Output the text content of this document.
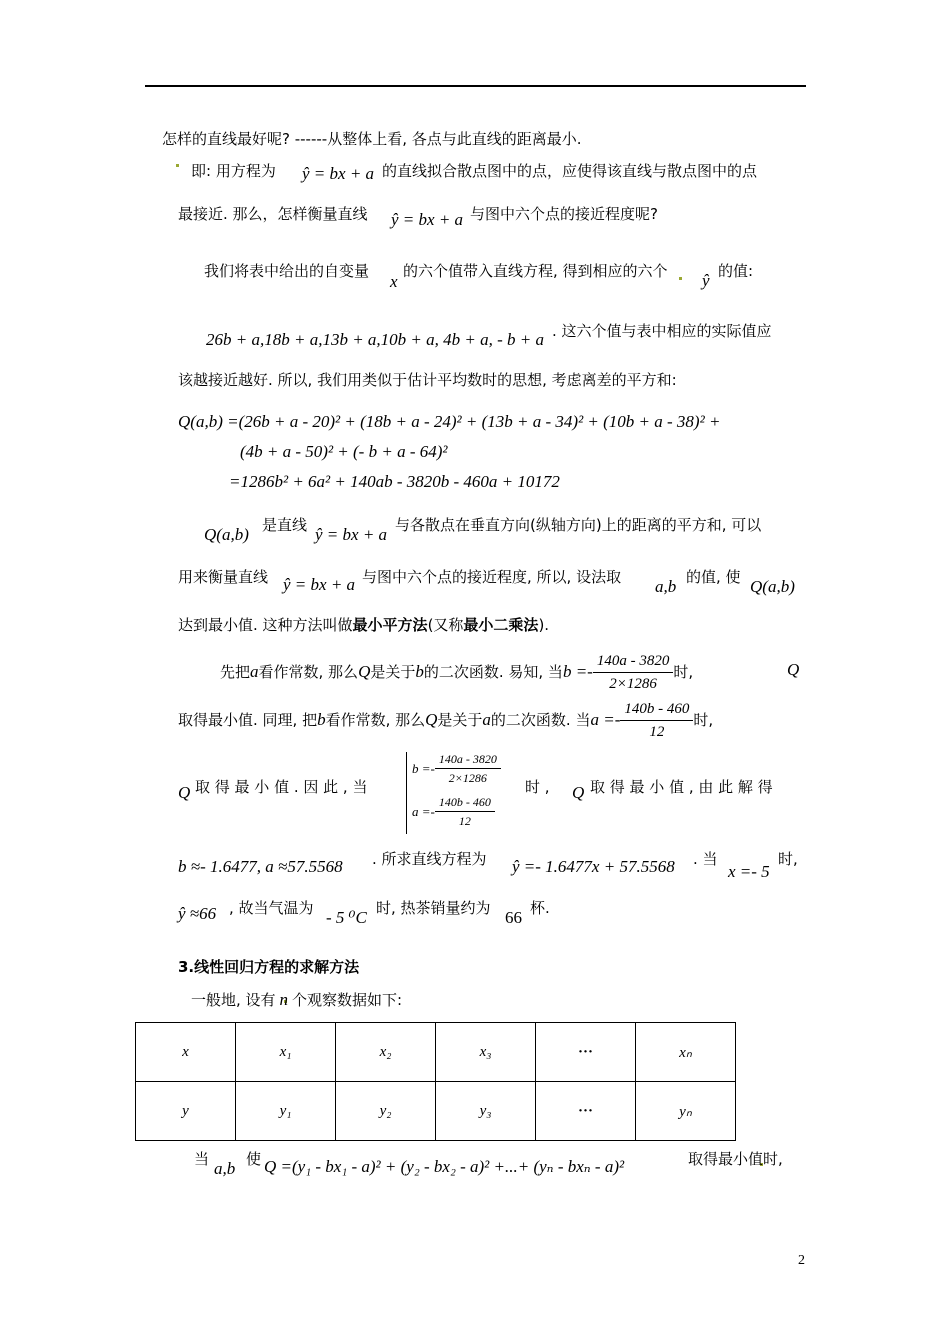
怎样的直线最好呢? ------从整体上看, 各点与此直线的距离最小.
即: 用方程为 ŷ = bx + a 的直线拟合散点图中的点，应使得该直线与散点图中的点
最接近. 那么，怎样衡量直线 ŷ = bx + a 与图中六个点的接近程度呢?
我们将表中给出的自变量
x
的六个值带入直线方程, 得到相应的六个 ŷ 的值:
26b + a,18b + a,13b + a,10b + a, 4b + a, - b + a . 这六个值与表中相应的实际值应
该越接近越好. 所以, 我们用类似于估计平均数时的思想, 考虑离差的平方和:
Q(a,b) =(26b + a - 20)² + (18b + a - 24)² + (13b + a - 34)² + (10b + a - 38)² +
(4b + a - 50)² + (- b + a - 64)²
=1286b² + 6a² + 140ab - 3820b - 460a + 10172
Q(a,b) 是直线 ŷ = bx + a 与各散点在垂直方向(纵轴方向)上的距离的平方和, 可以
用来衡量直线 ŷ = bx + a 与图中六个点的接近程度, 所以, 设法取 a,b 的值, 使 Q(a,b)
达到最小值. 这种方法叫做最小平方法(又称最小二乘法).
先把 a 看作常数, 那么 Q 是关于 b 的二次函数. 易知, 当 $b =- \frac{140a - 3820}{2\times 1286}$ 时,	Q
取得最小值. 同理, 把 b 看作常数, 那么 Q 是关于 a 的二次函数. 当 $a =- \frac{140b - 460}{12}$ 时,
Q 取 得 最 小 值 . 因 此 , 当
$b =- \frac{140a - 3820}{2\times 1286}$
$a =- \frac{140b - 460}{12}$
时 , Q 取 得 最 小 值 , 由 此 解 得
b ≈- 1.6477, a ≈57.5568 . 所求直线方程为 ŷ =- 1.6477x + 57.5568 . 当
x =- 5
时,
ŷ ≈66 , 故当气温为 - 5 ⁰C 时, 热茶销量约为 66 杯.
3.线性回归方程的求解方法
一般地, 设有 n 个观察数据如下:
x	x₁	x₂	x₃	···	xₙ
y	y₁	y₂	y₃	···	yₙ
当 a,b 使 Q =(y₁ - bx₁ - a)² + (y₂ - bx₂ - a)² +...+ (yₙ - bxₙ - a)²	取得最小值时,
2
